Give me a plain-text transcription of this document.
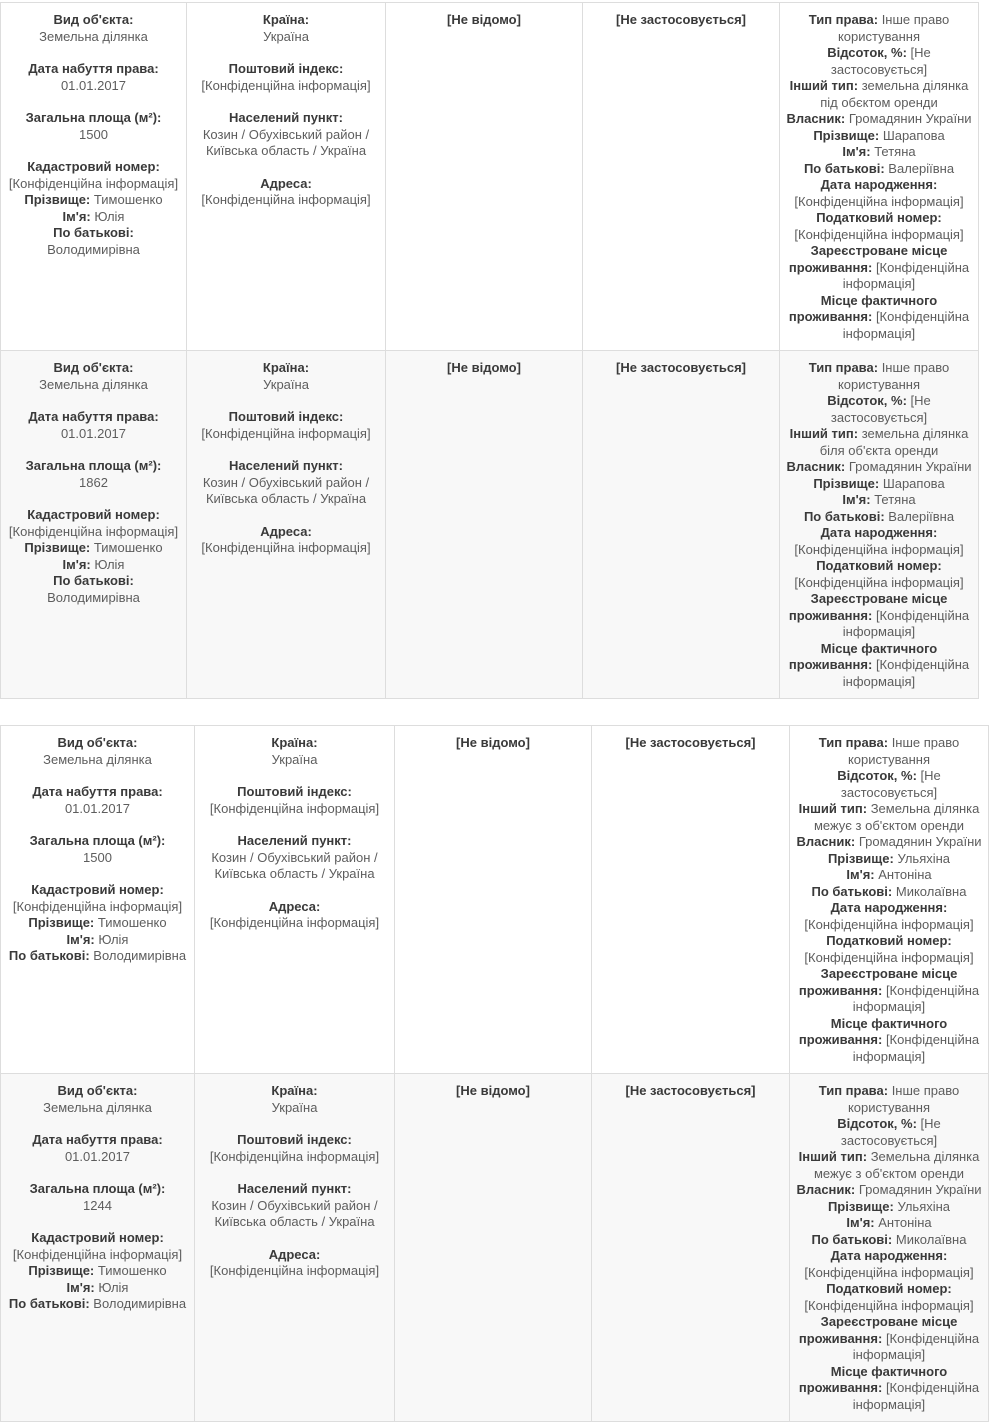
Вид об'єкта:
Земельна ділянка
Дата набуття права:
01.01.2017
Загальна площа (м²):
1500
Кадастровий номер:
[Конфіденційна інформація]
Прізвище: Тимошенко
Ім'я: Юлія
По батькові: Володимирівна

Країна:
Україна
Поштовий індекс:
[Конфіденційна інформація]
Населений пункт:
Козин / Обухівський район / Київська область / Україна
Адреса:
[Конфіденційна інформація]

[Не відомо]	[Не застосовується]	Тип права: Інше право користування
Відсоток, %: [Не застосовується]
Інший тип: земельна ділянка під обєктом оренди
Власник: Громадянин України
Прізвище: Шарапова
Ім'я: Тетяна
По батькові: Валеріївна
Дата народження: [Конфіденційна інформація]
Податковий номер: [Конфіденційна інформація]
Зареєстроване місце проживання: [Конфіденційна інформація]
Місце фактичного проживання: [Конфіденційна інформація]

Вид об'єкта:
Земельна ділянка
Дата набуття права:
01.01.2017
Загальна площа (м²):
1862
Кадастровий номер:
[Конфіденційна інформація]
Прізвище: Тимошенко
Ім'я: Юлія
По батькові: Володимирівна

Країна:
Україна
Поштовий індекс:
[Конфіденційна інформація]
Населений пункт:
Козин / Обухівський район / Київська область / Україна
Адреса:
[Конфіденційна інформація]

[Не відомо]	[Не застосовується]	Тип права: Інше право користування
Відсоток, %: [Не застосовується]
Інший тип: земельна ділянка біля об'єкта оренди
Власник: Громадянин України
Прізвище: Шарапова
Ім'я: Тетяна
По батькові: Валеріївна
Дата народження: [Конфіденційна інформація]
Податковий номер: [Конфіденційна інформація]
Зареєстроване місце проживання: [Конфіденційна інформація]
Місце фактичного проживання: [Конфіденційна інформація]
Вид об'єкта:
Земельна ділянка
Дата набуття права:
01.01.2017
Загальна площа (м²):
1500
Кадастровий номер:
[Конфіденційна інформація]
Прізвище: Тимошенко
Ім'я: Юлія
По батькові: Володимирівна

Країна:
Україна
Поштовий індекс:
[Конфіденційна інформація]
Населений пункт:
Козин / Обухівський район / Київська область / Україна
Адреса:
[Конфіденційна інформація]

[Не відомо]	[Не застосовується]	Тип права: Інше право користування
Відсоток, %: [Не застосовується]
Інший тип: Земельна ділянка межує з об'єктом оренди
Власник: Громадянин України
Прізвище: Ульяхіна
Ім'я: Антоніна
По батькові: Миколаївна
Дата народження: [Конфіденційна інформація]
Податковий номер: [Конфіденційна інформація]
Зареєстроване місце проживання: [Конфіденційна інформація]
Місце фактичного проживання: [Конфіденційна інформація]

Вид об'єкта:
Земельна ділянка
Дата набуття права:
01.01.2017
Загальна площа (м²):
1244
Кадастровий номер:
[Конфіденційна інформація]
Прізвище: Тимошенко
Ім'я: Юлія
По батькові: Володимирівна

Країна:
Україна
Поштовий індекс:
[Конфіденційна інформація]
Населений пункт:
Козин / Обухівський район / Київська область / Україна
Адреса:
[Конфіденційна інформація]

[Не відомо]	[Не застосовується]	Тип права: Інше право користування
Відсоток, %: [Не застосовується]
Інший тип: Земельна ділянка межує з об'єктом оренди
Власник: Громадянин України
Прізвище: Ульяхіна
Ім'я: Антоніна
По батькові: Миколаївна
Дата народження: [Конфіденційна інформація]
Податковий номер: [Конфіденційна інформація]
Зареєстроване місце проживання: [Конфіденційна інформація]
Місце фактичного проживання: [Конфіденційна інформація]
